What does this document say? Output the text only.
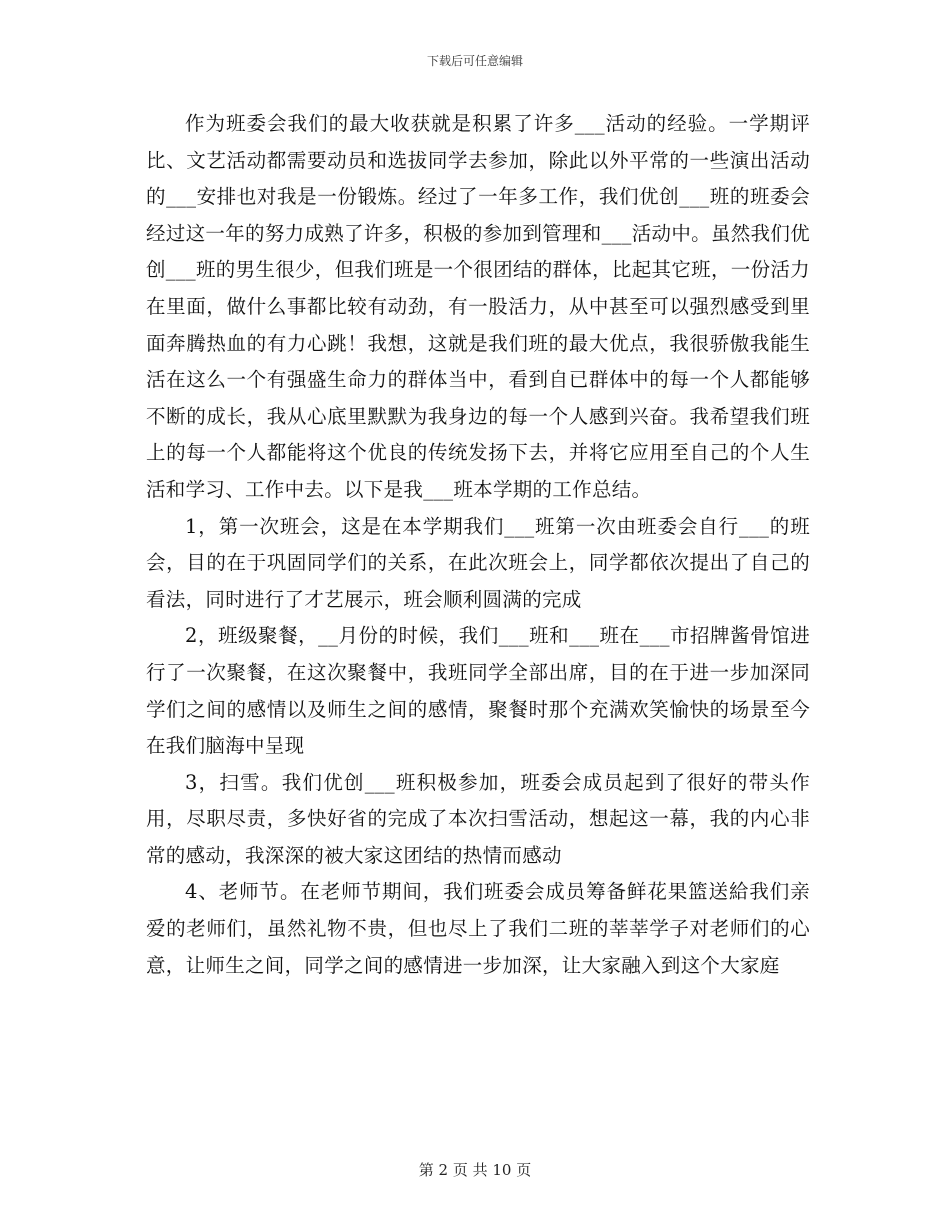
下载后可任意编辑

作为班委会我们的最大收获就是积累了许多___活动的经验。一学期评比、文艺活动都需要动员和选拔同学去参加，除此以外平常的一些演出活动的___安排也对我是一份锻炼。经过了一年多工作，我们优创___班的班委会经过这一年的努力成熟了许多，积极的参加到管理和___活动中。虽然我们优创___班的男生很少，但我们班是一个很团结的群体，比起其它班，一份活力在里面，做什么事都比较有动劲，有一股活力，从中甚至可以强烈感受到里面奔腾热血的有力心跳！我想，这就是我们班的最大优点，我很骄傲我能生活在这么一个有强盛生命力的群体当中，看到自已群体中的每一个人都能够不断的成长，我从心底里默默为我身边的每一个人感到兴奋。我希望我们班上的每一个人都能将这个优良的传统发扬下去，并将它应用至自己的个人生活和学习、工作中去。以下是我___班本学期的工作总结。

1，第一次班会，这是在本学期我们___班第一次由班委会自行___的班会，目的在于巩固同学们的关系，在此次班会上，同学都依次提出了自己的看法，同时进行了才艺展示，班会顺利圆满的完成

2，班级聚餐，__月份的时候，我们___班和___班在___市招牌酱骨馆进行了一次聚餐，在这次聚餐中，我班同学全部出席，目的在于进一步加深同学们之间的感情以及师生之间的感情，聚餐时那个充满欢笑愉快的场景至今在我们脑海中呈现

3，扫雪。我们优创___班积极参加，班委会成员起到了很好的带头作用，尽职尽责，多快好省的完成了本次扫雪活动，想起这一幕，我的内心非常的感动，我深深的被大家这团结的热情而感动

4、老师节。在老师节期间，我们班委会成员筹备鲜花果篮送給我们亲爱的老师们，虽然礼物不贵，但也尽上了我们二班的莘莘学子对老师们的心意，让师生之间，同学之间的感情进一步加深，让大家融入到这个大家庭

第 2 页 共 10 页
